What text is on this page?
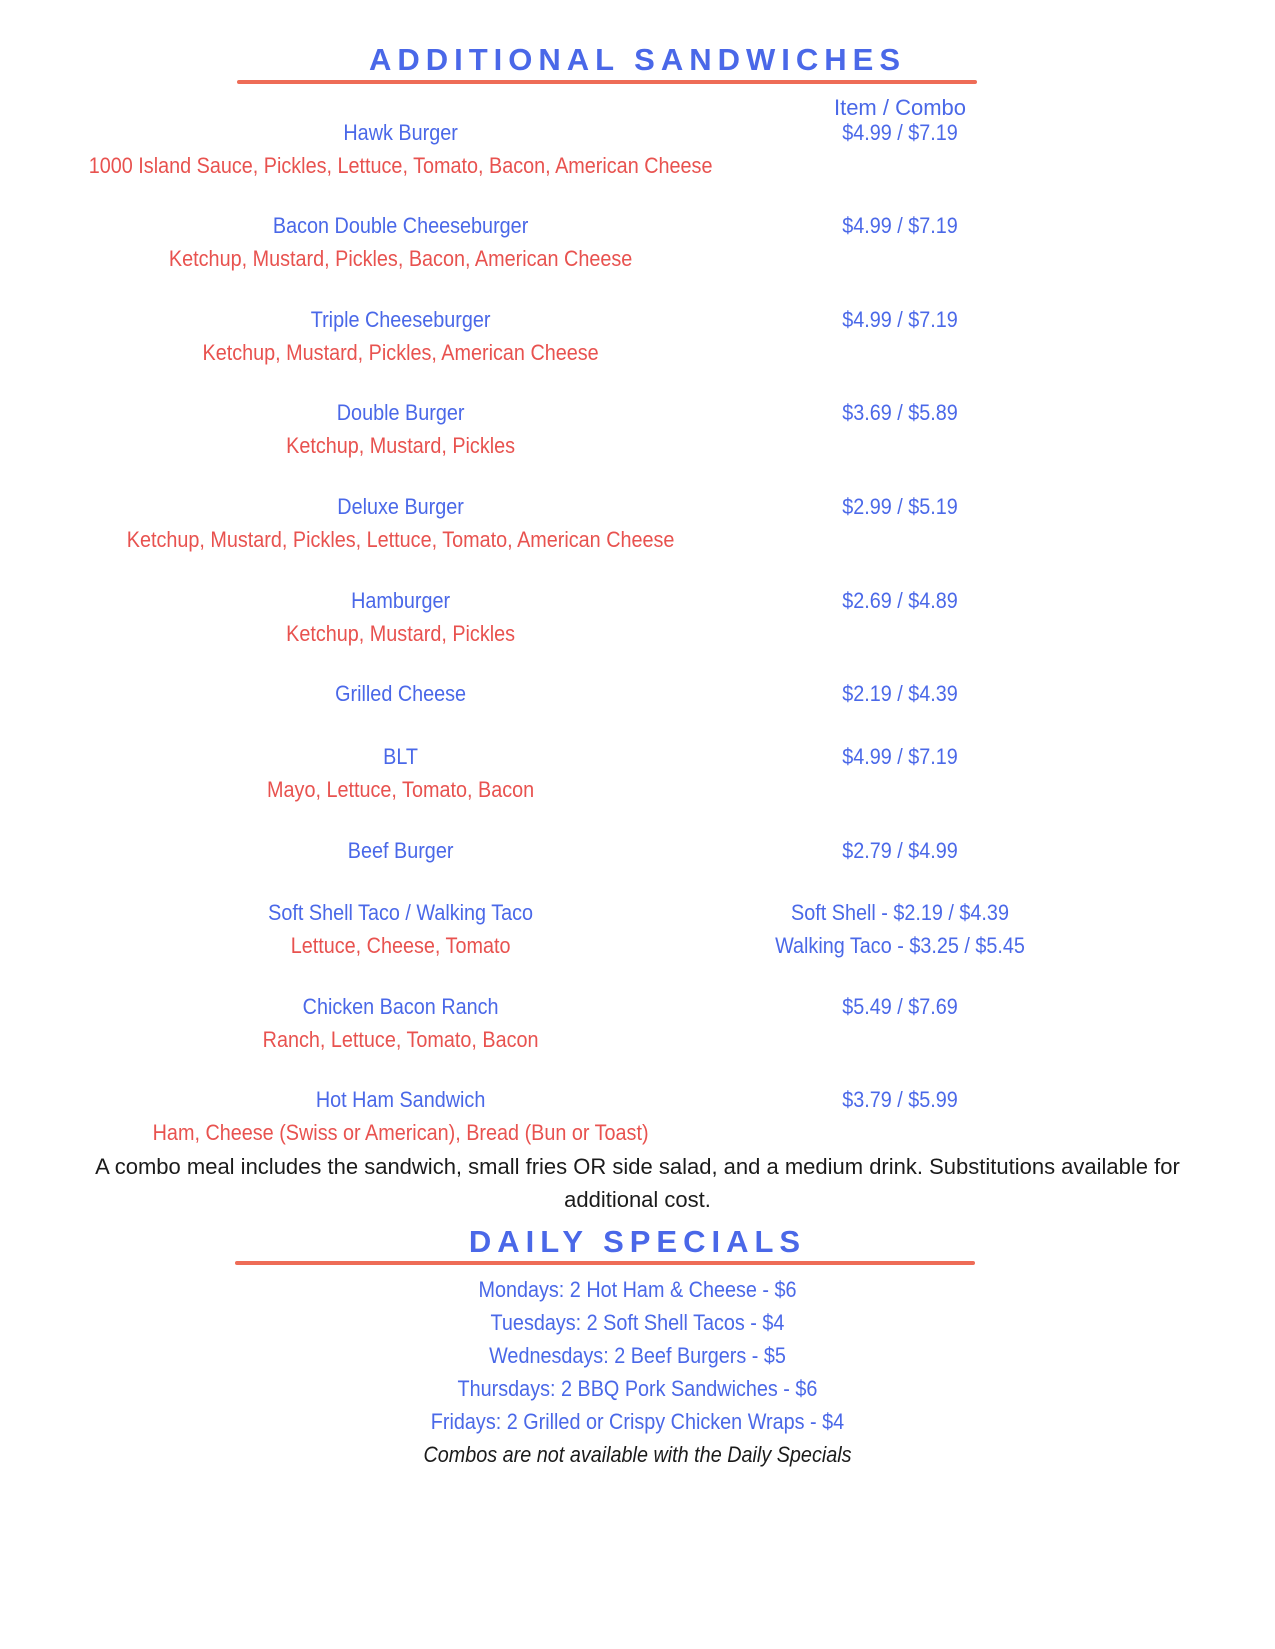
ADDITIONAL SANDWICHES
Item / Combo
Hawk Burger
1000 Island Sauce, Pickles, Lettuce, Tomato, Bacon, American Cheese
$4.99 / $7.19
Bacon Double Cheeseburger
Ketchup, Mustard, Pickles, Bacon, American Cheese
$4.99 / $7.19
Triple Cheeseburger
Ketchup, Mustard, Pickles, American Cheese
$4.99 / $7.19
Double Burger
Ketchup, Mustard, Pickles
$3.69 / $5.89
Deluxe Burger
Ketchup, Mustard, Pickles, Lettuce, Tomato, American Cheese
$2.99 / $5.19
Hamburger
Ketchup, Mustard, Pickles
$2.69 / $4.89
Grilled Cheese	$2.19 / $4.39
BLT
Mayo, Lettuce, Tomato, Bacon
$4.99 / $7.19
Beef Burger	$2.79 / $4.99
Soft Shell Taco / Walking Taco
Lettuce, Cheese, Tomato
Soft Shell - $2.19 / $4.39
Walking Taco - $3.25 / $5.45
Chicken Bacon Ranch
Ranch, Lettuce, Tomato, Bacon
$5.49 / $7.69
Hot Ham Sandwich
Ham, Cheese (Swiss or American), Bread (Bun or Toast)
$3.79 / $5.99
A combo meal includes the sandwich, small fries OR side salad, and a medium drink. Substitutions available for additional cost.
DAILY SPECIALS
Mondays: 2 Hot Ham & Cheese - $6
Tuesdays: 2 Soft Shell Tacos - $4
Wednesdays: 2 Beef Burgers - $5
Thursdays: 2 BBQ Pork Sandwiches - $6
Fridays: 2 Grilled or Crispy Chicken Wraps - $4
Combos are not available with the Daily Specials
